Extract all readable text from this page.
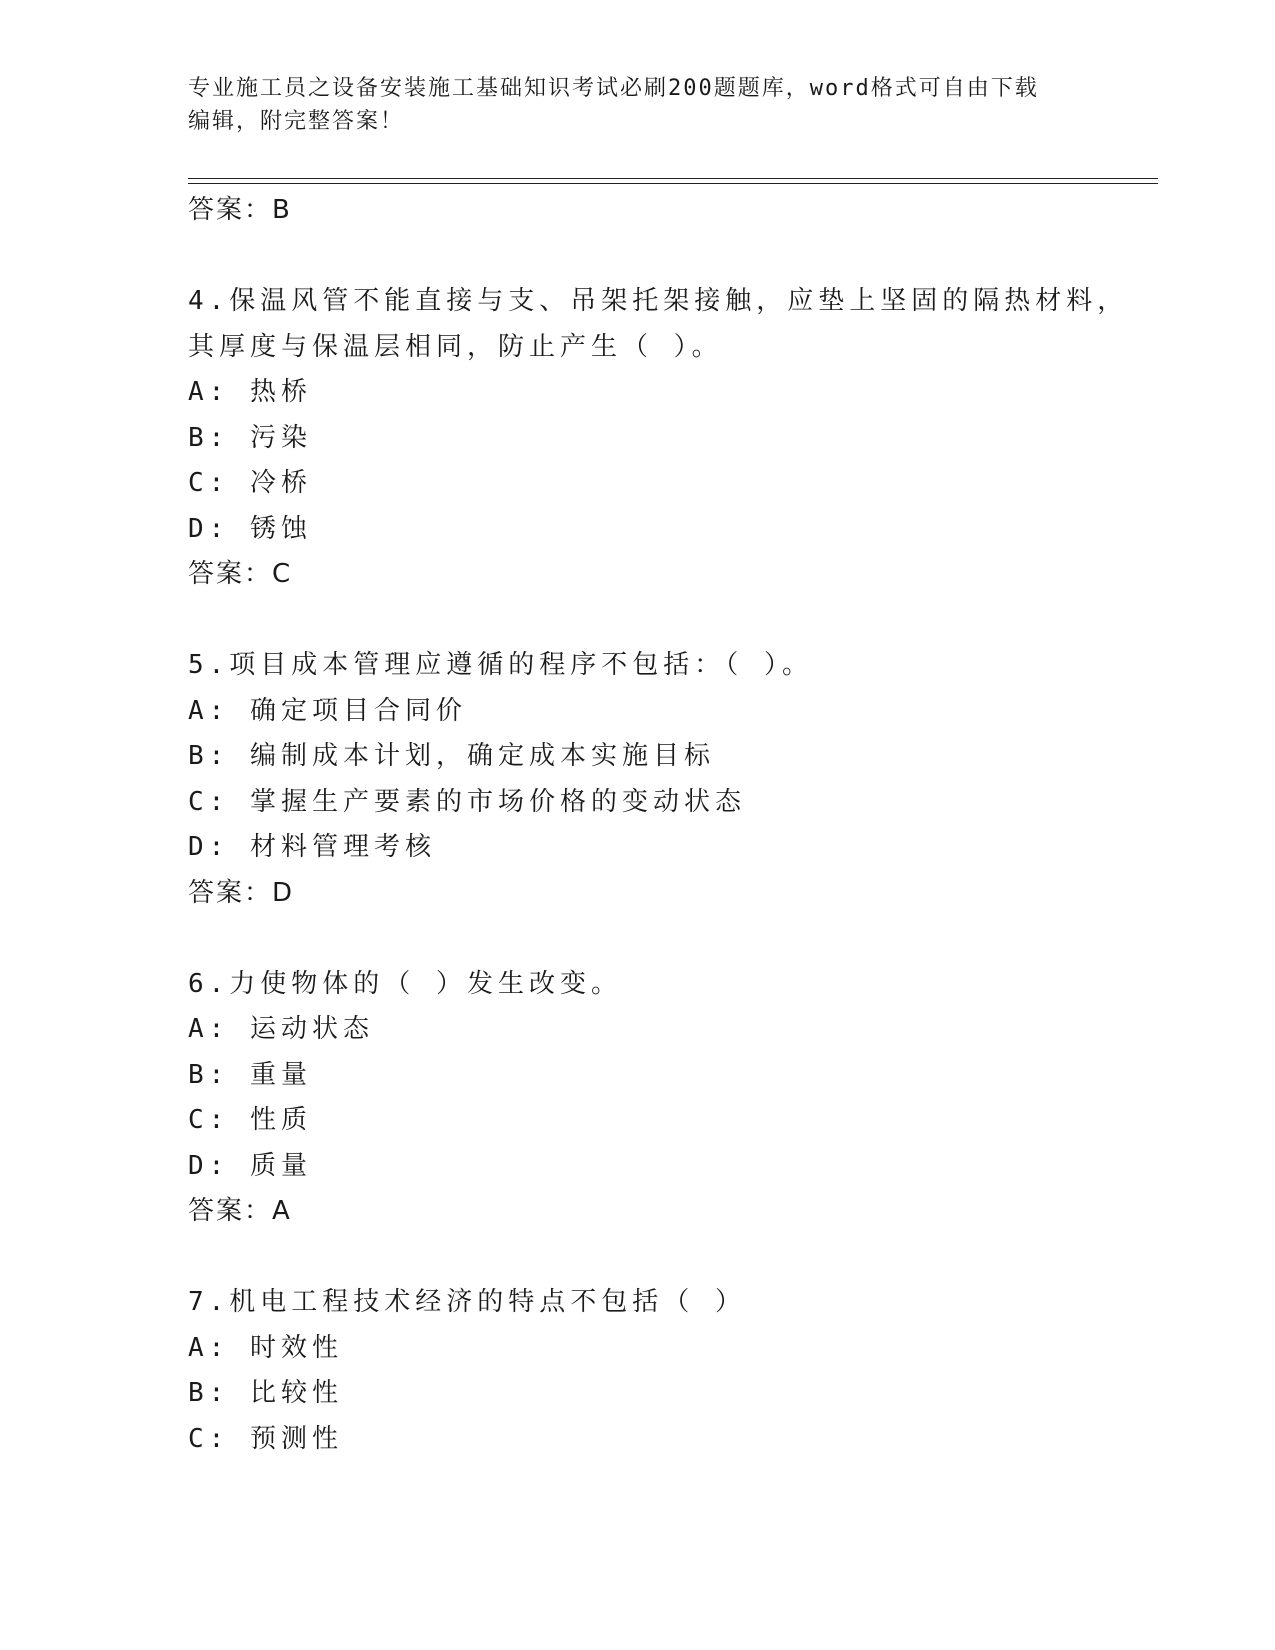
专业施工员之设备安装施工基础知识考试必刷200题题库，word格式可自由下载
编辑，附完整答案！
答案：B
4.保温风管不能直接与支、吊架托架接触，应垫上坚固的隔热材料，
其厚度与保温层相同，防止产生（ ）。
A: 热桥
B: 污染
C: 冷桥
D: 锈蚀
答案：C
5.项目成本管理应遵循的程序不包括：（ ）。
A: 确定项目合同价
B: 编制成本计划，确定成本实施目标
C: 掌握生产要素的市场价格的变动状态
D: 材料管理考核
答案：D
6.力使物体的（ ）发生改变。
A: 运动状态
B: 重量
C: 性质
D: 质量
答案：A
7.机电工程技术经济的特点不包括（ ）
A: 时效性
B: 比较性
C: 预测性
